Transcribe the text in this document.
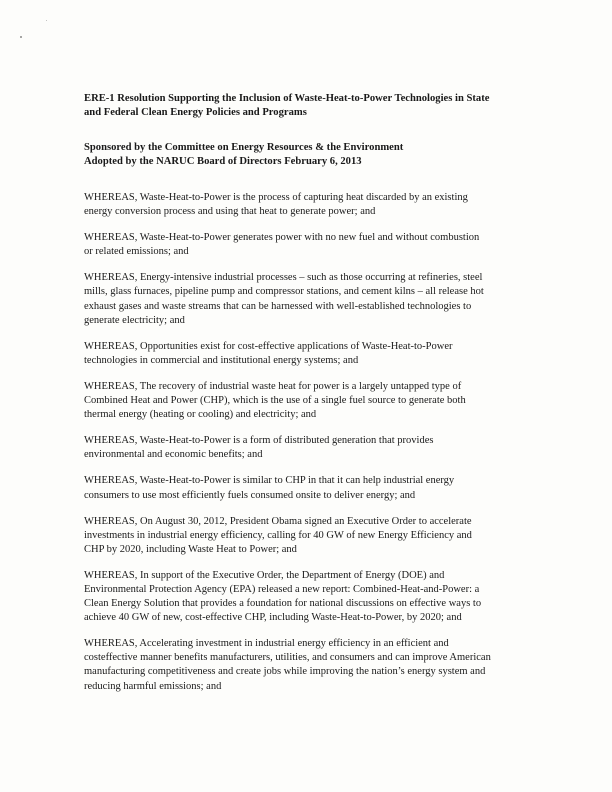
ERE-1 Resolution Supporting the Inclusion of Waste-Heat-to-Power Technologies in State
and Federal Clean Energy Policies and Programs

Sponsored by the Committee on Energy Resources & the Environment
Adopted by the NARUC Board of Directors February 6, 2013

WHEREAS, Waste-Heat-to-Power is the process of capturing heat discarded by an existing
energy conversion process and using that heat to generate power; and

WHEREAS, Waste-Heat-to-Power generates power with no new fuel and without combustion
or related emissions; and

WHEREAS, Energy-intensive industrial processes – such as those occurring at refineries, steel
mills, glass furnaces, pipeline pump and compressor stations, and cement kilns – all release hot
exhaust gases and waste streams that can be harnessed with well-established technologies to
generate electricity; and

WHEREAS, Opportunities exist for cost-effective applications of Waste-Heat-to-Power
technologies in commercial and institutional energy systems; and

WHEREAS, The recovery of industrial waste heat for power is a largely untapped type of
Combined Heat and Power (CHP), which is the use of a single fuel source to generate both
thermal energy (heating or cooling) and electricity; and

WHEREAS, Waste-Heat-to-Power is a form of distributed generation that provides
environmental and economic benefits; and

WHEREAS, Waste-Heat-to-Power is similar to CHP in that it can help industrial energy
consumers to use most efficiently fuels consumed onsite to deliver energy; and

WHEREAS, On August 30, 2012, President Obama signed an Executive Order to accelerate
investments in industrial energy efficiency, calling for 40 GW of new Energy Efficiency and
CHP by 2020, including Waste Heat to Power; and

WHEREAS, In support of the Executive Order, the Department of Energy (DOE) and
Environmental Protection Agency (EPA) released a new report: Combined-Heat-and-Power: a
Clean Energy Solution that provides a foundation for national discussions on effective ways to
achieve 40 GW of new, cost-effective CHP, including Waste-Heat-to-Power, by 2020; and

WHEREAS, Accelerating investment in industrial energy efficiency in an efficient and
costeffective manner benefits manufacturers, utilities, and consumers and can improve American
manufacturing competitiveness and create jobs while improving the nation’s energy system and
reducing harmful emissions; and
